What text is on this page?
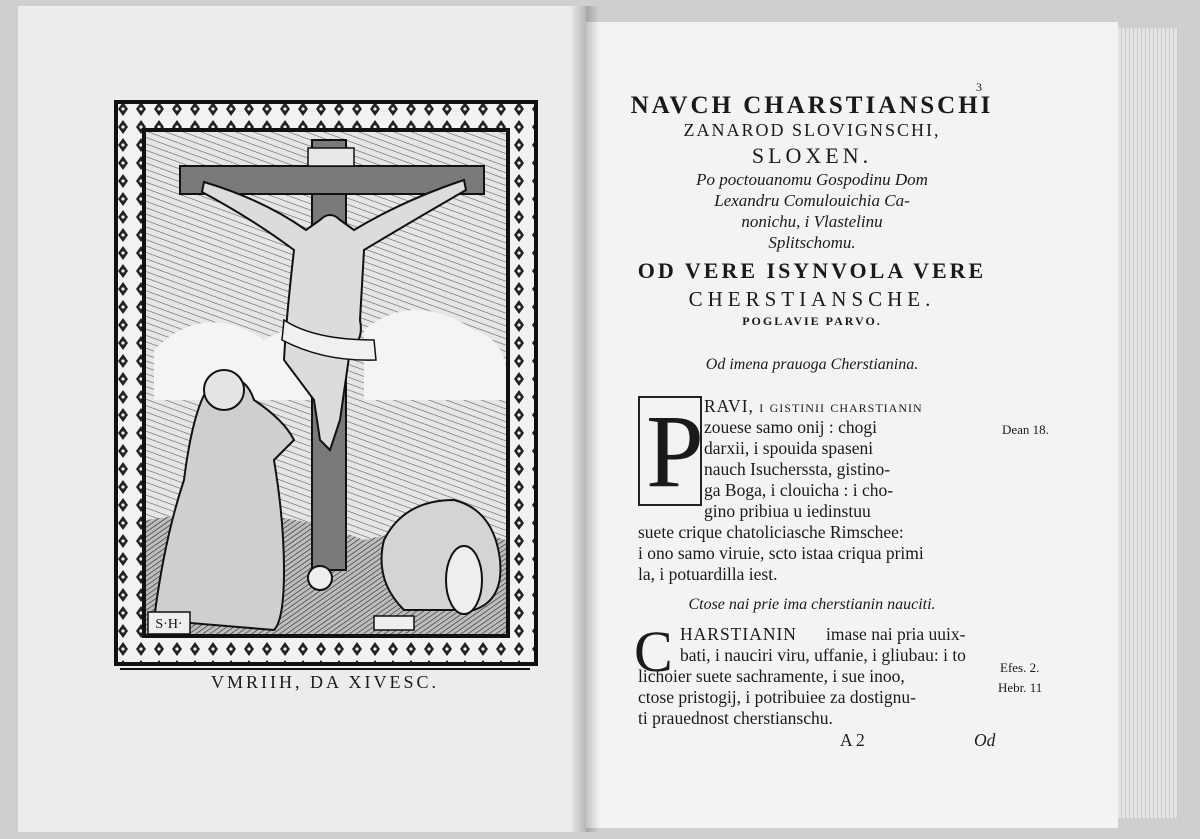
S·H·
VMRIIH, DA XIVESC.
3
NAVCH CHARSTIANSCHI
ZANAROD SLOVIGNSCHI,
SLOXEN.
Po poctouanomu Gospodinu Dom
Lexandru Comulouichia Ca-
nonichu, i Vlastelinu
Splitschomu.
OD VERE ISYNVOLA VERE
CHERSTIANSCHE.
POGLAVIE PARVO.
Od imena prauoga Cherstianina.
P RAVI, i gistinii charstianin
zouese samo onij : chogi
darxii, i spouida spaseni
nauch Isucherssta, gistino-
ga Boga, i clouicha : i cho-
gino pribiua u iedinstuu
suete crique chatoliciasche Rimschee:
i ono samo viruie, scto istaa criqua primi
la, i potuardilla iest.
Dean 18.
Ctose nai prie ima cherstianin nauciti.
C HARSTIANIN imase nai pria uuix-
bati, i nauciri viru, uffanie, i gliubau: i to
lichoier suete sachramente, i sue inoo,
ctose pristogij, i potribuiee za dostignu-
ti prauednost cherstianschu.
Efes. 2.
Hebr. 11
A 2	Od
